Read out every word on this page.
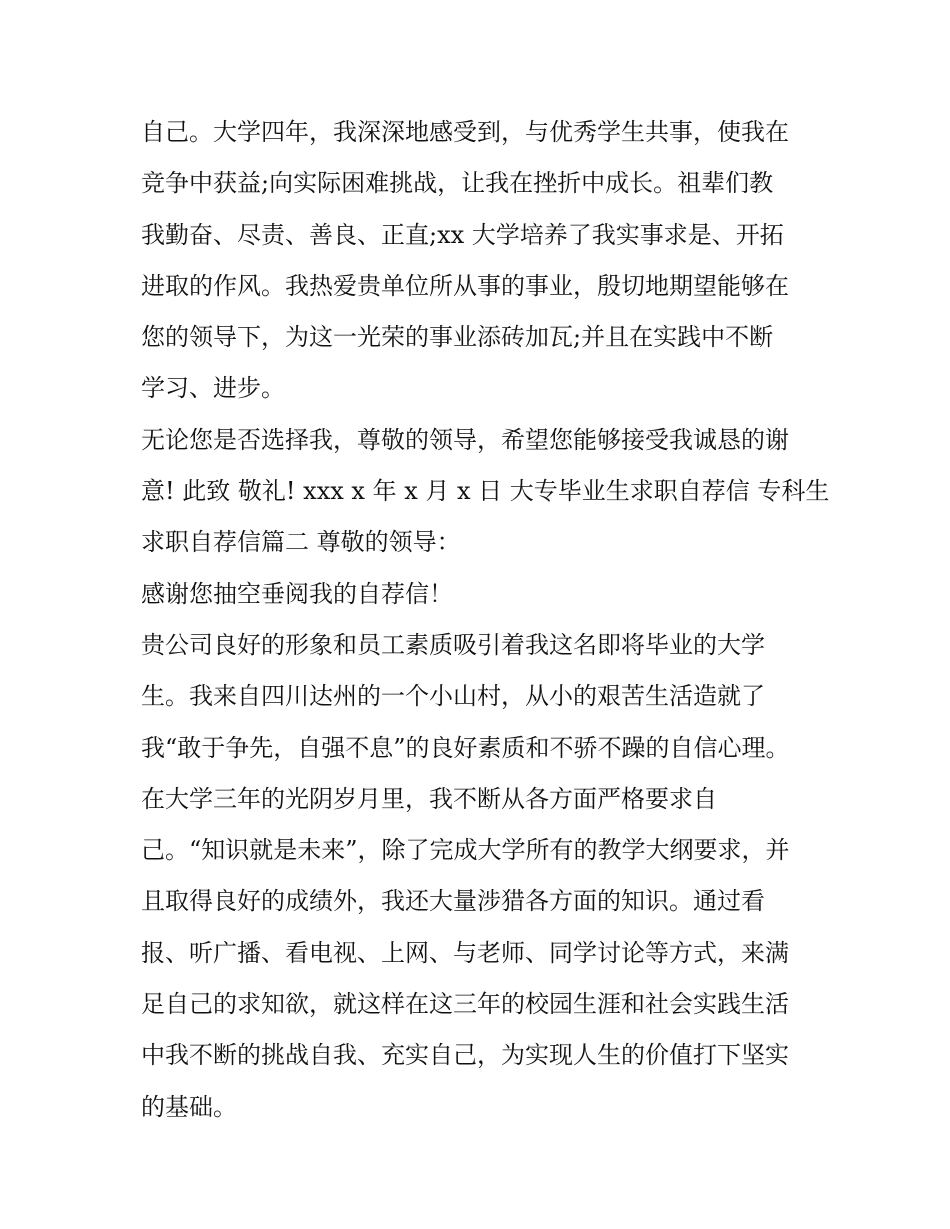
自己。大学四年，我深深地感受到，与优秀学生共事，使我在
竞争中获益;向实际困难挑战，让我在挫折中成长。祖辈们教
我勤奋、尽责、善良、正直;xx 大学培养了我实事求是、开拓
进取的作风。我热爱贵单位所从事的事业，殷切地期望能够在
您的领导下，为这一光荣的事业添砖加瓦;并且在实践中不断
学习、进步。
无论您是否选择我，尊敬的领导，希望您能够接受我诚恳的谢
意! 此致 敬礼! xxx x 年 x 月 x 日 大专毕业生求职自荐信 专科生
求职自荐信篇二 尊敬的领导：
感谢您抽空垂阅我的自荐信！
贵公司良好的形象和员工素质吸引着我这名即将毕业的大学
生。我来自四川达州的一个小山村，从小的艰苦生活造就了
我“敢于争先，自强不息”的良好素质和不骄不躁的自信心理。
在大学三年的光阴岁月里，我不断从各方面严格要求自
己。“知识就是未来”，除了完成大学所有的教学大纲要求，并
且取得良好的成绩外，我还大量涉猎各方面的知识。通过看
报、听广播、看电视、上网、与老师、同学讨论等方式，来满
足自己的求知欲，就这样在这三年的校园生涯和社会实践生活
中我不断的挑战自我、充实自己，为实现人生的价值打下坚实
的基础。
